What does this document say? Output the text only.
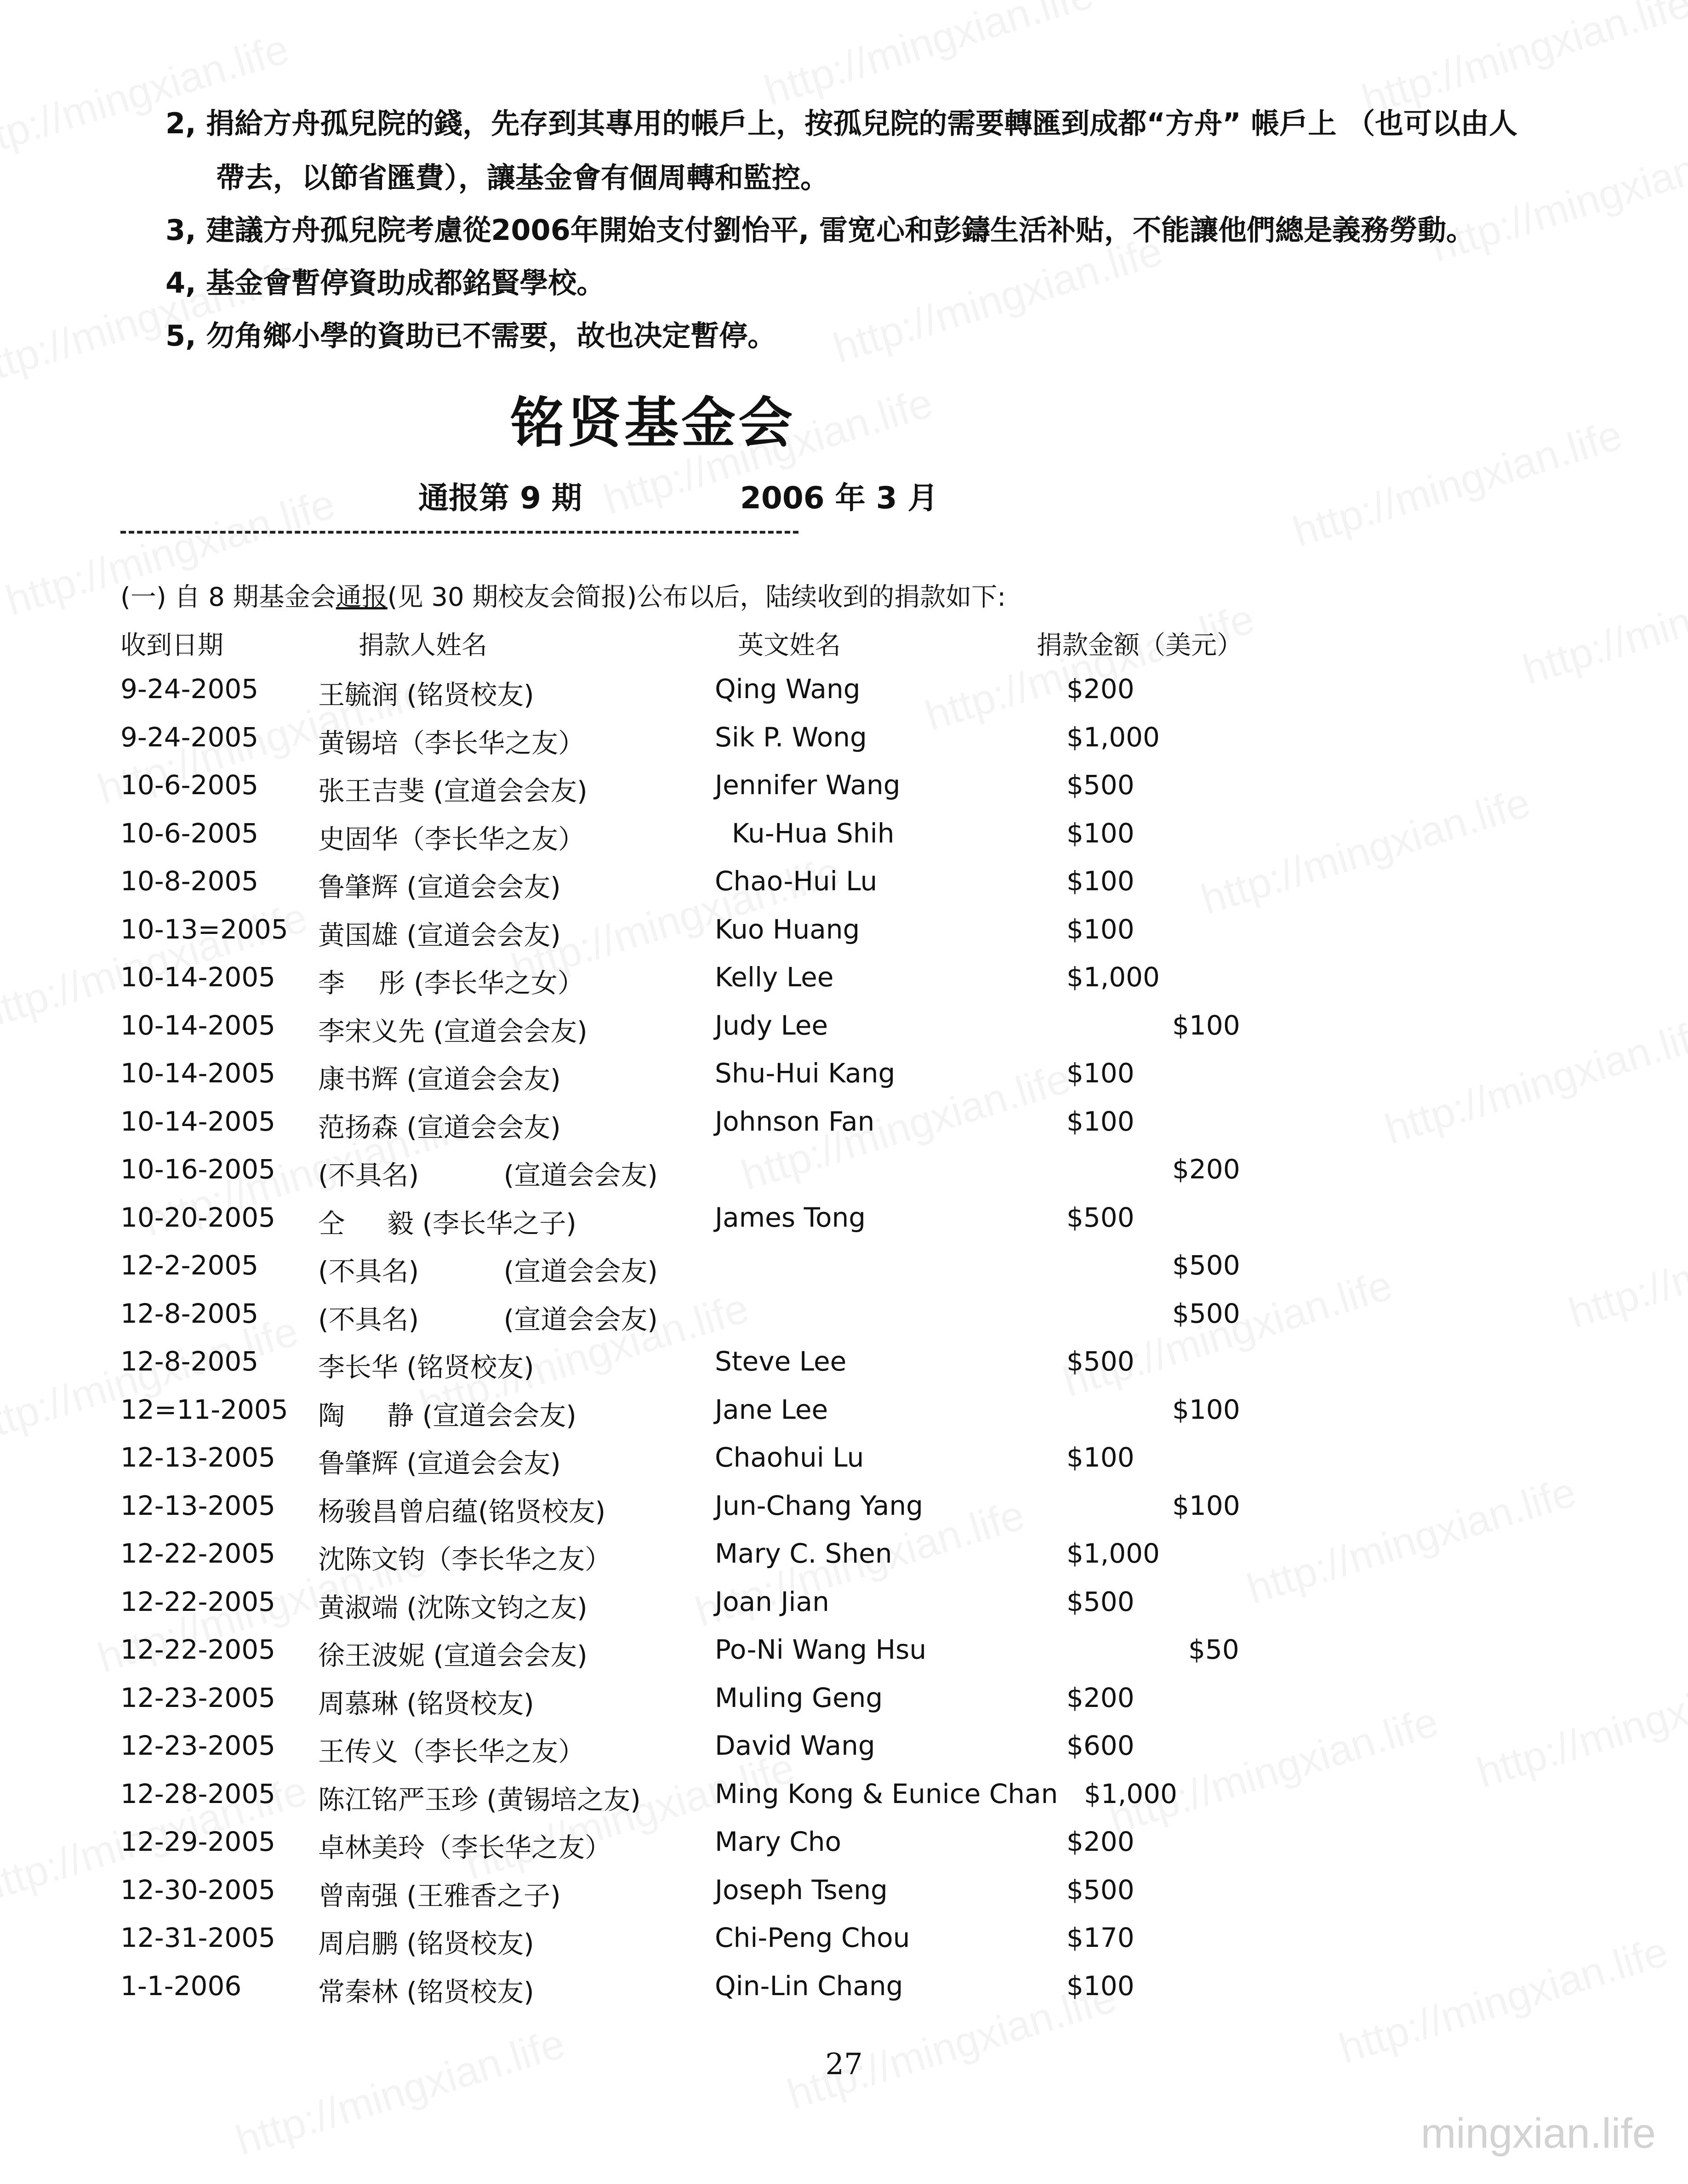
2, 捐給方舟孤兒院的錢，先存到其專用的帳戶上，按孤兒院的需要轉匯到成都“方舟” 帳戶上 （也可以由人
帶去，以節省匯費），讓基金會有個周轉和監控。
3, 建議方舟孤兒院考慮從2006年開始支付劉怡平, 雷宽心和彭鑄生活补贴，不能讓他們總是義務勞動。
4, 基金會暫停資助成都銘賢學校。
5, 勿角鄉小學的資助已不需要，故也决定暫停。
铭贤基金会
通报第 9 期	2006 年 3 月
(一) 自 8 期基金会通报(见 30 期校友会简报)公布以后，陆续收到的捐款如下:
收到日期	捐款人姓名	英文姓名	捐款金额（美元）
9-24-2005 王毓润 (铭贤校友)	Qing Wang	$200
9-24-2005 黄锡培（李长华之友）	Sik P. Wong	$1,000
10-6-2005 张王吉斐 (宣道会会友)	Jennifer Wang	$500
10-6-2005 史固华（李长华之友）	Ku-Hua Shih	$100
10-8-2005 鲁肇辉 (宣道会会友)	Chao-Hui Lu	$100
10-13=2005 黄国雄 (宣道会会友)	Kuo Huang	$100
10-14-2005 李    彤 (李长华之女）	Kelly Lee	$1,000
10-14-2005 李宋义先 (宣道会会友)	Judy Lee	$100
10-14-2005 康书辉 (宣道会会友)	Shu-Hui Kang	$100
10-14-2005 范扬森 (宣道会会友)	Johnson Fan	$100
10-16-2005 (不具名)          (宣道会会友)	$200
10-20-2005 仝     毅 (李长华之子)	James Tong	$500
12-2-2005 (不具名)          (宣道会会友)	$500
12-8-2005 (不具名)          (宣道会会友)	$500
12-8-2005 李长华 (铭贤校友)	Steve Lee	$500
12=11-2005 陶     静 (宣道会会友)	Jane Lee	$100
12-13-2005 鲁肇辉 (宣道会会友)	Chaohui Lu	$100
12-13-2005 杨骏昌曾启蕴(铭贤校友)	Jun-Chang Yang	$100
12-22-2005 沈陈文钧（李长华之友）	Mary C. Shen	$1,000
12-22-2005 黄淑端 (沈陈文钧之友)	Joan Jian	$500
12-22-2005 徐王波妮 (宣道会会友)	Po-Ni Wang Hsu	$50
12-23-2005 周慕琳 (铭贤校友)	Muling Geng	$200
12-23-2005 王传义（李长华之友）	David Wang	$600
12-28-2005 陈江铭严玉珍 (黄锡培之友)	Ming Kong & Eunice Chan $1,000
12-29-2005 卓林美玲（李长华之友）	Mary Cho	$200
12-30-2005 曾南强 (王雅香之子)	Joseph Tseng	$500
12-31-2005 周启鹏 (铭贤校友)	Chi-Peng Chou	$170
1-1-2006	常秦林 (铭贤校友)	Qin-Lin Chang	$100
27
mingxian.life
